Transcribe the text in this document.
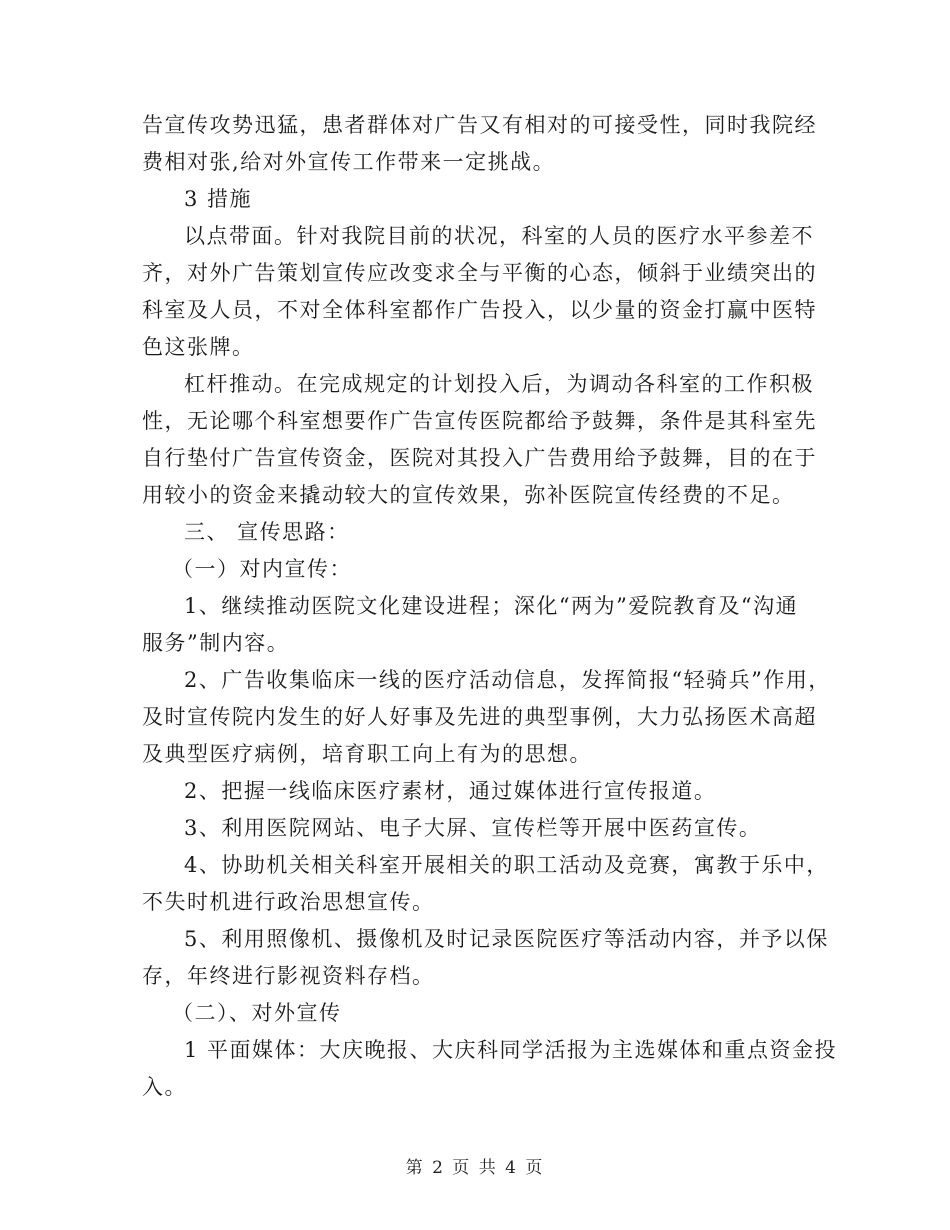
告宣传攻势迅猛，患者群体对广告又有相对的可接受性，同时我院经
费相对张,给对外宣传工作带来一定挑战。
3 措施
以点带面。针对我院目前的状况，科室的人员的医疗水平参差不
齐，对外广告策划宣传应改变求全与平衡的心态，倾斜于业绩突出的
科室及人员，不对全体科室都作广告投入，以少量的资金打赢中医特
色这张牌。
杠杆推动。在完成规定的计划投入后，为调动各科室的工作积极
性，无论哪个科室想要作广告宣传医院都给予鼓舞，条件是其科室先
自行垫付广告宣传资金，医院对其投入广告费用给予鼓舞，目的在于
用较小的资金来撬动较大的宣传效果，弥补医院宣传经费的不足。
三、 宣传思路：
（一）对内宣传：
1、继续推动医院文化建设进程；深化“两为”爱院教育及“沟通
服务”制内容。
2、广告收集临床一线的医疗活动信息，发挥简报“轻骑兵”作用，
及时宣传院内发生的好人好事及先进的典型事例，大力弘扬医术高超
及典型医疗病例，培育职工向上有为的思想。
2、把握一线临床医疗素材，通过媒体进行宣传报道。
3、利用医院网站、电子大屏、宣传栏等开展中医药宣传。
4、协助机关相关科室开展相关的职工活动及竞赛，寓教于乐中，
不失时机进行政治思想宣传。
5、利用照像机、摄像机及时记录医院医疗等活动内容，并予以保
存，年终进行影视资料存档。
（二）、对外宣传
1 平面媒体：大庆晚报、大庆科同学活报为主选媒体和重点资金投
入。
第 2 页 共 4 页
